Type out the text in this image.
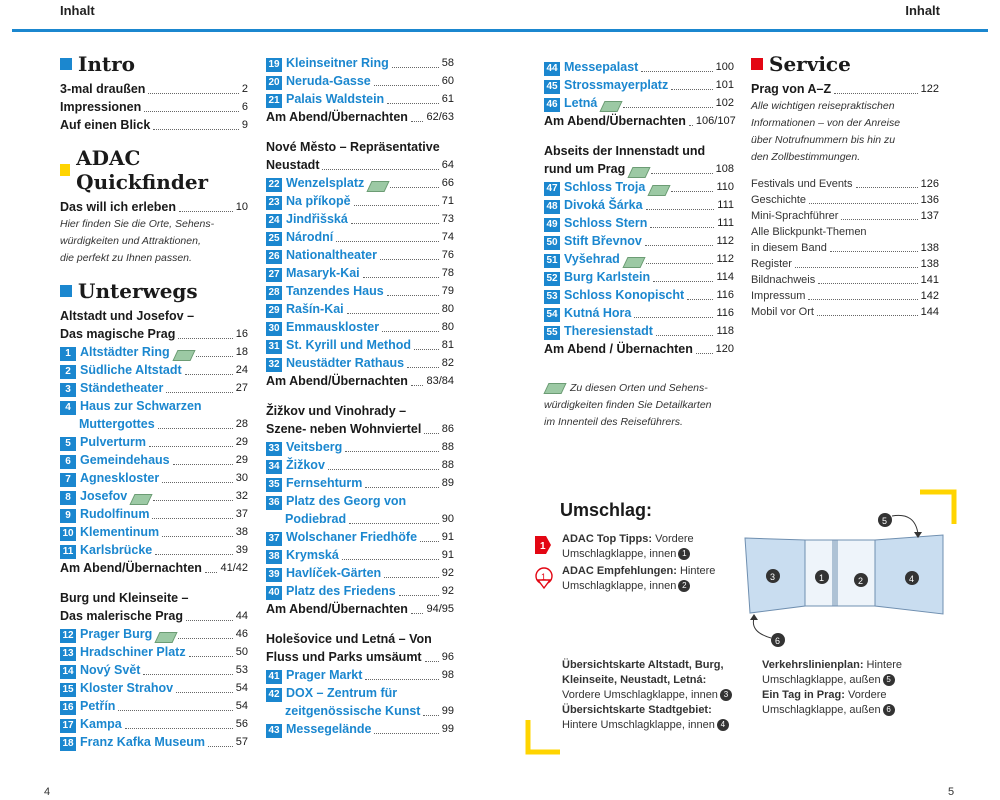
Inhalt	Inhalt
4	5
Intro
3-mal draußen	2
Impressionen	6
Auf einen Blick	9
ADAC Quickfinder
Das will ich erleben	10
Hier finden Sie die Orte, Sehens-
würdigkeiten und Attraktionen,
die perfekt zu Ihnen passen.
Unterwegs
Altstadt und Josefov –
Das magische Prag	16
1 Altstädter Ring	18
2 Südliche Altstadt	24
3 Ständetheater	27
4 Haus zur Schwarzen
Muttergottes	28
5 Pulverturm	29
6 Gemeindehaus	29
7 Agneskloster	30
8 Josefov	32
9 Rudolfinum	37
10 Klementinum	38
11 Karlsbrücke	39
Am Abend/Übernachten 41/42
Burg und Kleinseite –
Das malerische Prag	44
12 Prager Burg	46
13 Hradschiner Platz	50
14 Nový Svět	53
15 Kloster Strahov	54
16 Petřín	54
17 Kampa	56
18 Franz Kafka Museum	57
19 Kleinseitner Ring	58
20 Neruda-Gasse	60
21 Palais Waldstein	61
Am Abend/Übernachten 62/63
Nové Město – Repräsentative
Neustadt	64
22 Wenzelsplatz	66
23 Na příkopě	71
24 Jindřišská	73
25 Národní	74
26 Nationaltheater	76
27 Masaryk-Kai	78
28 Tanzendes Haus	79
29 Rašín-Kai	80
30 Emmauskloster	80
31 St. Kyrill und Method	81
32 Neustädter Rathaus	82
Am Abend/Übernachten 83/84
Žižkov und Vinohrady –
Szene- neben Wohnviertel 86
33 Veitsberg	88
34 Žižkov	88
35 Fernsehturm	89
36 Platz des Georg von
Podiebrad	90
37 Wolschaner Friedhöfe 91
38 Krymská	91
39 Havlíček-Gärten	92
40 Platz des Friedens	92
Am Abend/Übernachten 94/95
Holešovice und Letná – Von
Fluss und Parks umsäumt 96
41 Prager Markt	98
42 DOX – Zentrum für
zeitgenössische Kunst 99
43 Messegelände	99
44 Messepalast	100
45 Strossmayerplatz	101
46 Letná	102
Am Abend/Übernachten 106/107
Abseits der Innenstadt und
rund um Prag	108
47 Schloss Troja	110
48 Divoká Šárka	111
49 Schloss Stern	111
50 Stift Břevnov	112
51 Vyšehrad	112
52 Burg Karlstein	114
53 Schloss Konopischt	116
54 Kutná Hora	116
55 Theresienstadt	118
Am Abend / Übernachten 120
Zu diesen Orten und Sehens-
würdigkeiten finden Sie Detailkarten
im Innenteil des Reiseführers.
Service
Prag von A–Z	122
Alle wichtigen reisepraktischen
Informationen – von der Anreise
über Notrufnummern bis hin zu
den Zollbestimmungen.
Festivals und Events	126
Geschichte	136
Mini-Sprachführer	137
Alle Blickpunkt-Themen
in diesem Band	138
Register	138
Bildnachweis	141
Impressum	142
Mobil vor Ort	144
Umschlag:
1
ADAC Top Tipps: Vordere
Umschlagklappe, innen 1
1 ADAC Empfehlungen: Hintere
Umschlagklappe, innen 2
3	1	2	4
5
6
Übersichtskarte Altstadt, Burg,
Kleinseite, Neustadt, Letná:
Vordere Umschlagklappe, innen 3
Übersichtskarte Stadtgebiet:
Hintere Umschlagklappe, innen 4
Verkehrslinienplan: Hintere
Umschlagklappe, außen 5
Ein Tag in Prag: Vordere
Umschlagklappe, außen 6
